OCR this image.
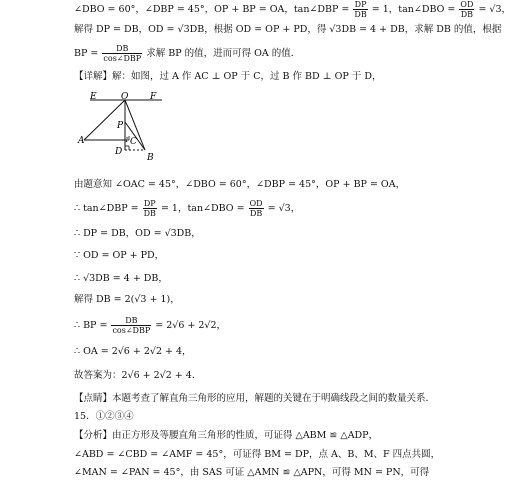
∠DBO = 60°，∠DBP = 45°，OP + BP = OA，tan∠DBP = $\frac{DP}{DB} = 1$，tan∠DBO = $\frac{OD}{DB} = √3$，
解得 DP = DB，OD = √3DB，根据 OD = OP + PD，得 √3DB = 4 + DB，求解 DB 的值，根据
BP = $\frac{DB}{\text{cos∠DBP}}$ 求解 BP 的值，进而可得 OA 的值．
【详解】解：如图，过 A 作 AC ⊥ OP 于 C，过 B 作 BD ⊥ OP 于 D，
E	O F
P
A	C
1
D
B
由题意知 ∠OAC = 45°，∠DBO = 60°，∠DBP = 45°，OP + BP = OA，
∴ tan∠DBP = $\frac{DP}{DB} = 1$，tan∠DBO = $\frac{OD}{DB} = √3$，
∴ DP = DB，OD = √3DB，
∵ OD = OP + PD，
∴ √3DB = 4 + DB，
解得 DB = 2(√3 + 1)，
∴ BP = $\frac{DB}{\text{cos∠DBP}} = 2√6 + 2√2$，
∴ OA = 2√6 + 2√2 + 4，
故答案为：2√6 + 2√2 + 4．
【点睛】本题考查了解直角三角形的应用，解题的关键在于明确线段之间的数量关系．
15．①②③④
【分析】由正方形及等腰直角三角形的性质，可证得 △ABM ≌ △ADP，
∠ABD = ∠CBD = ∠AMF = 45°，可证得 BM = DP，点 A、B、M、F 四点共圆，
∠MAN = ∠PAN = 45°，由 SAS 可证 △AMN ≌ △APN，可得 MN = PN，可得
